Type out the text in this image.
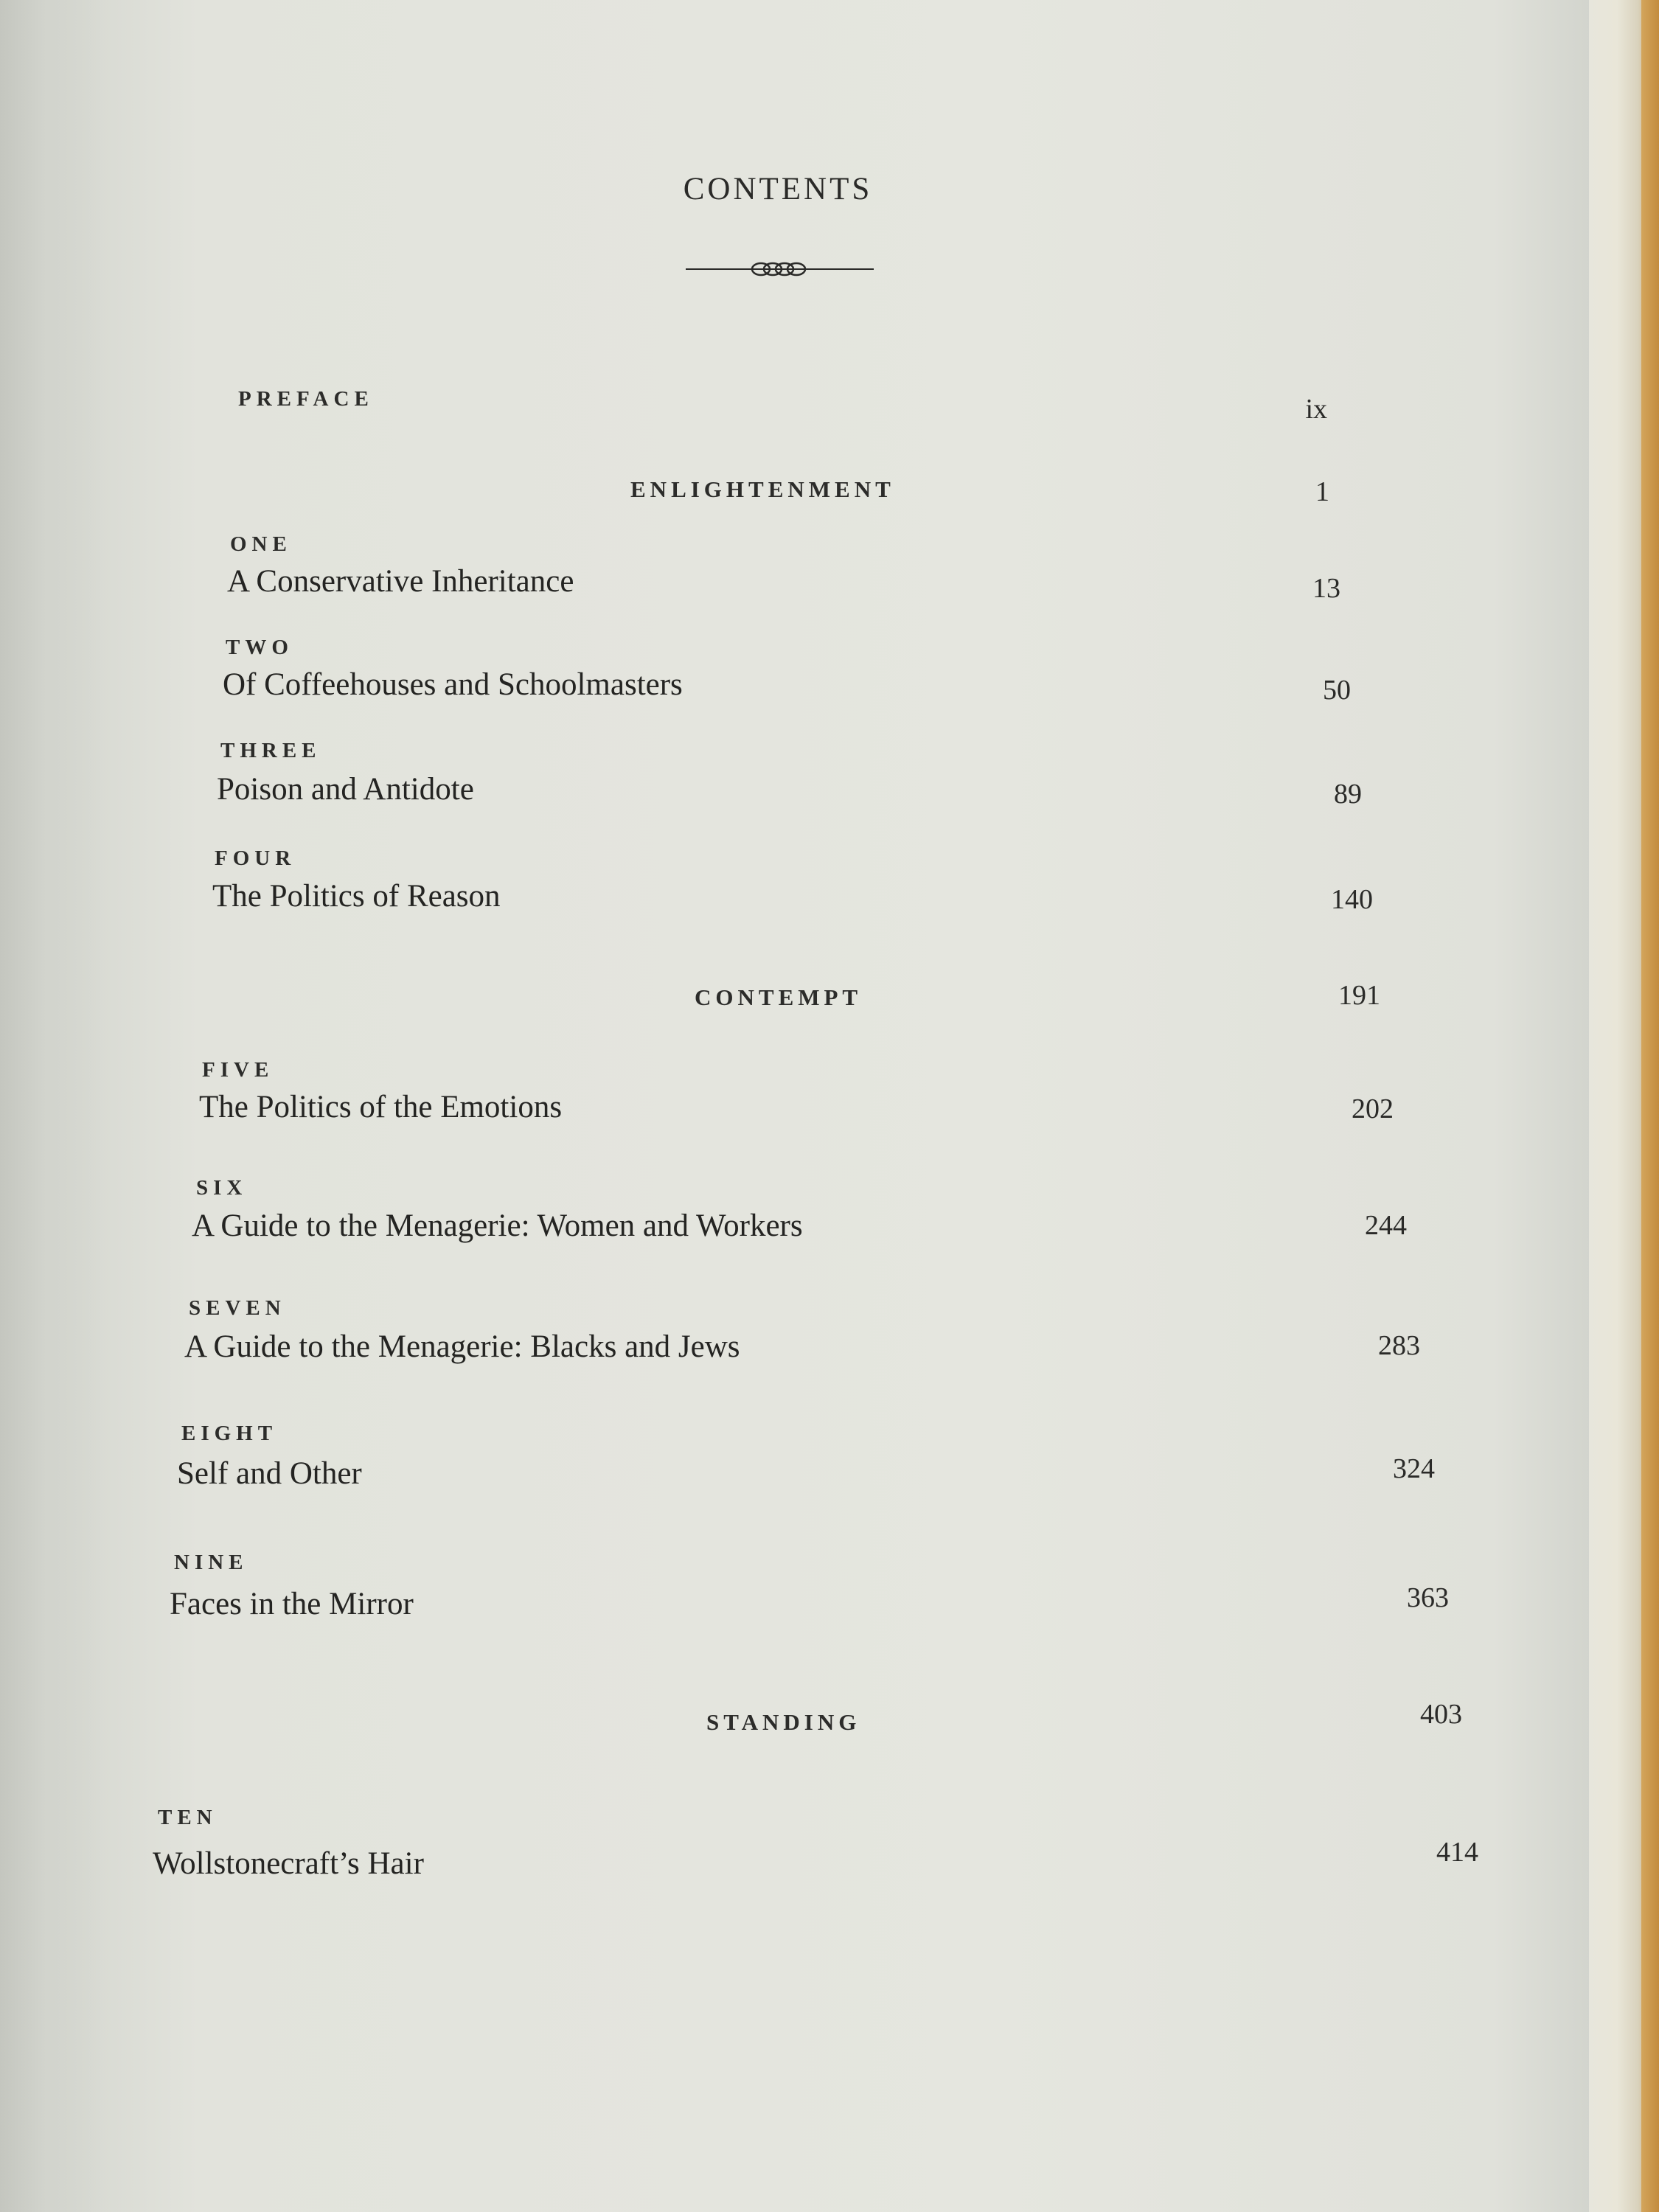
CONTENTS
PREFACE	ix
ENLIGHTENMENT	1
ONE
A Conservative Inheritance	13
TWO
Of Coffeehouses and Schoolmasters	50
THREE
Poison and Antidote	89
FOUR
The Politics of Reason	140
CONTEMPT	191
FIVE
The Politics of the Emotions	202
SIX
A Guide to the Menagerie: Women and Workers	244
SEVEN
A Guide to the Menagerie: Blacks and Jews	283
EIGHT
Self and Other	324
NINE
Faces in the Mirror	363
STANDING	403
TEN
Wollstonecraft’s Hair	414
